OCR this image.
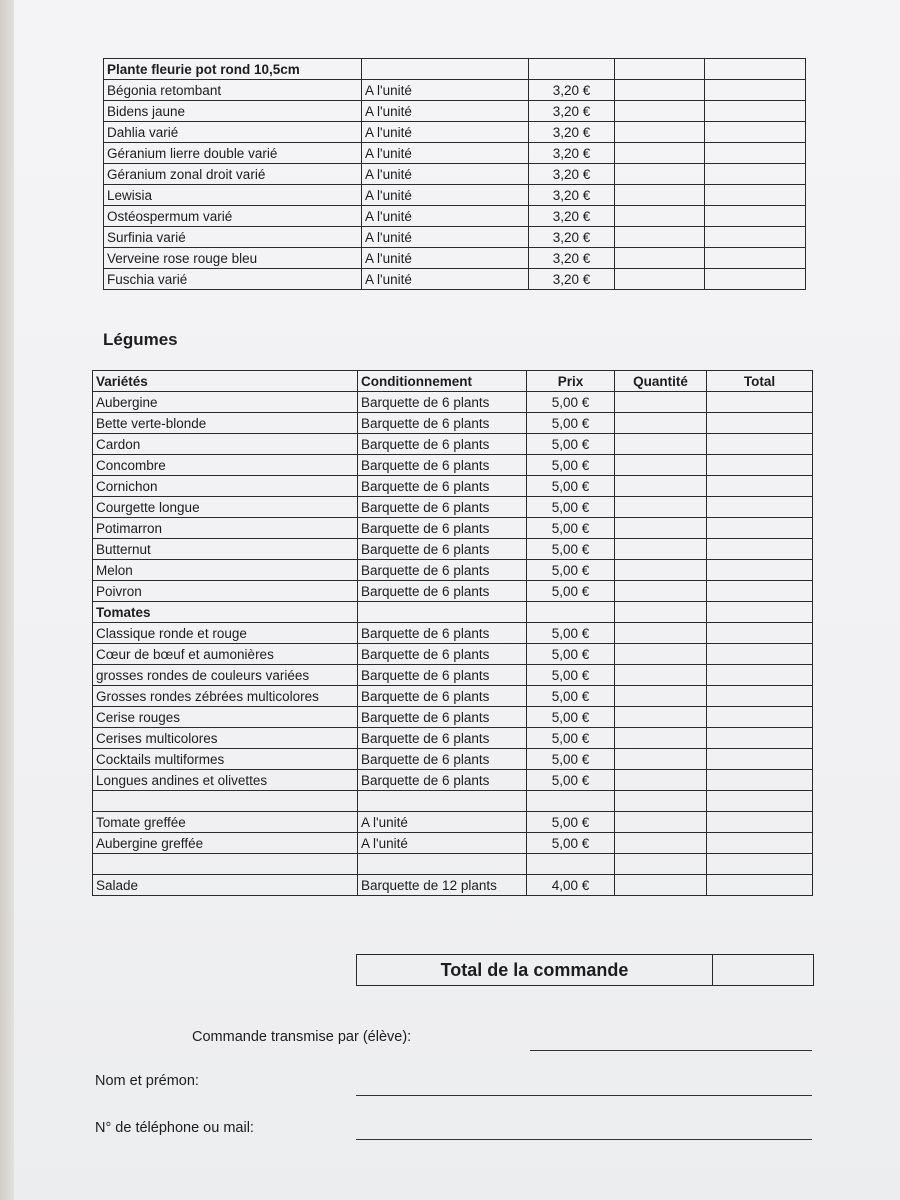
Plante fleurie pot rond 10,5cm				
Bégonia retombant	A l'unité	3,20 €		
Bidens jaune	A l'unité	3,20 €		
Dahlia varié	A l'unité	3,20 €		
Géranium lierre double varié	A l'unité	3,20 €		
Géranium zonal droit varié	A l'unité	3,20 €		
Lewisia	A l'unité	3,20 €		
Ostéospermum varié	A l'unité	3,20 €		
Surfinia varié	A l'unité	3,20 €		
Verveine rose rouge bleu	A l'unité	3,20 €		
Fuschia varié	A l'unité	3,20 €		
Légumes
Variétés	Conditionnement	Prix	Quantité	Total
Aubergine	Barquette de 6 plants	5,00 €		
Bette verte-blonde	Barquette de 6 plants	5,00 €		
Cardon	Barquette de 6 plants	5,00 €		
Concombre	Barquette de 6 plants	5,00 €		
Cornichon	Barquette de 6 plants	5,00 €		
Courgette longue	Barquette de 6 plants	5,00 €		
Potimarron	Barquette de 6 plants	5,00 €		
Butternut	Barquette de 6 plants	5,00 €		
Melon	Barquette de 6 plants	5,00 €		
Poivron	Barquette de 6 plants	5,00 €		
Tomates				
Classique ronde et rouge	Barquette de 6 plants	5,00 €		
Cœur de bœuf et aumonières	Barquette de 6 plants	5,00 €		
grosses rondes de couleurs variées	Barquette de 6 plants	5,00 €		
Grosses rondes zébrées multicolores	Barquette de 6 plants	5,00 €		
Cerise rouges	Barquette de 6 plants	5,00 €		
Cerises multicolores	Barquette de 6 plants	5,00 €		
Cocktails multiformes	Barquette de 6 plants	5,00 €		
Longues andines et olivettes	Barquette de 6 plants	5,00 €		

Tomate greffée	A l'unité	5,00 €		
Aubergine greffée	A l'unité	5,00 €		

Salade	Barquette de 12 plants	4,00 €		
Total de la commande
Commande transmise par (élève):
Nom et prémon:
N° de téléphone ou mail:
